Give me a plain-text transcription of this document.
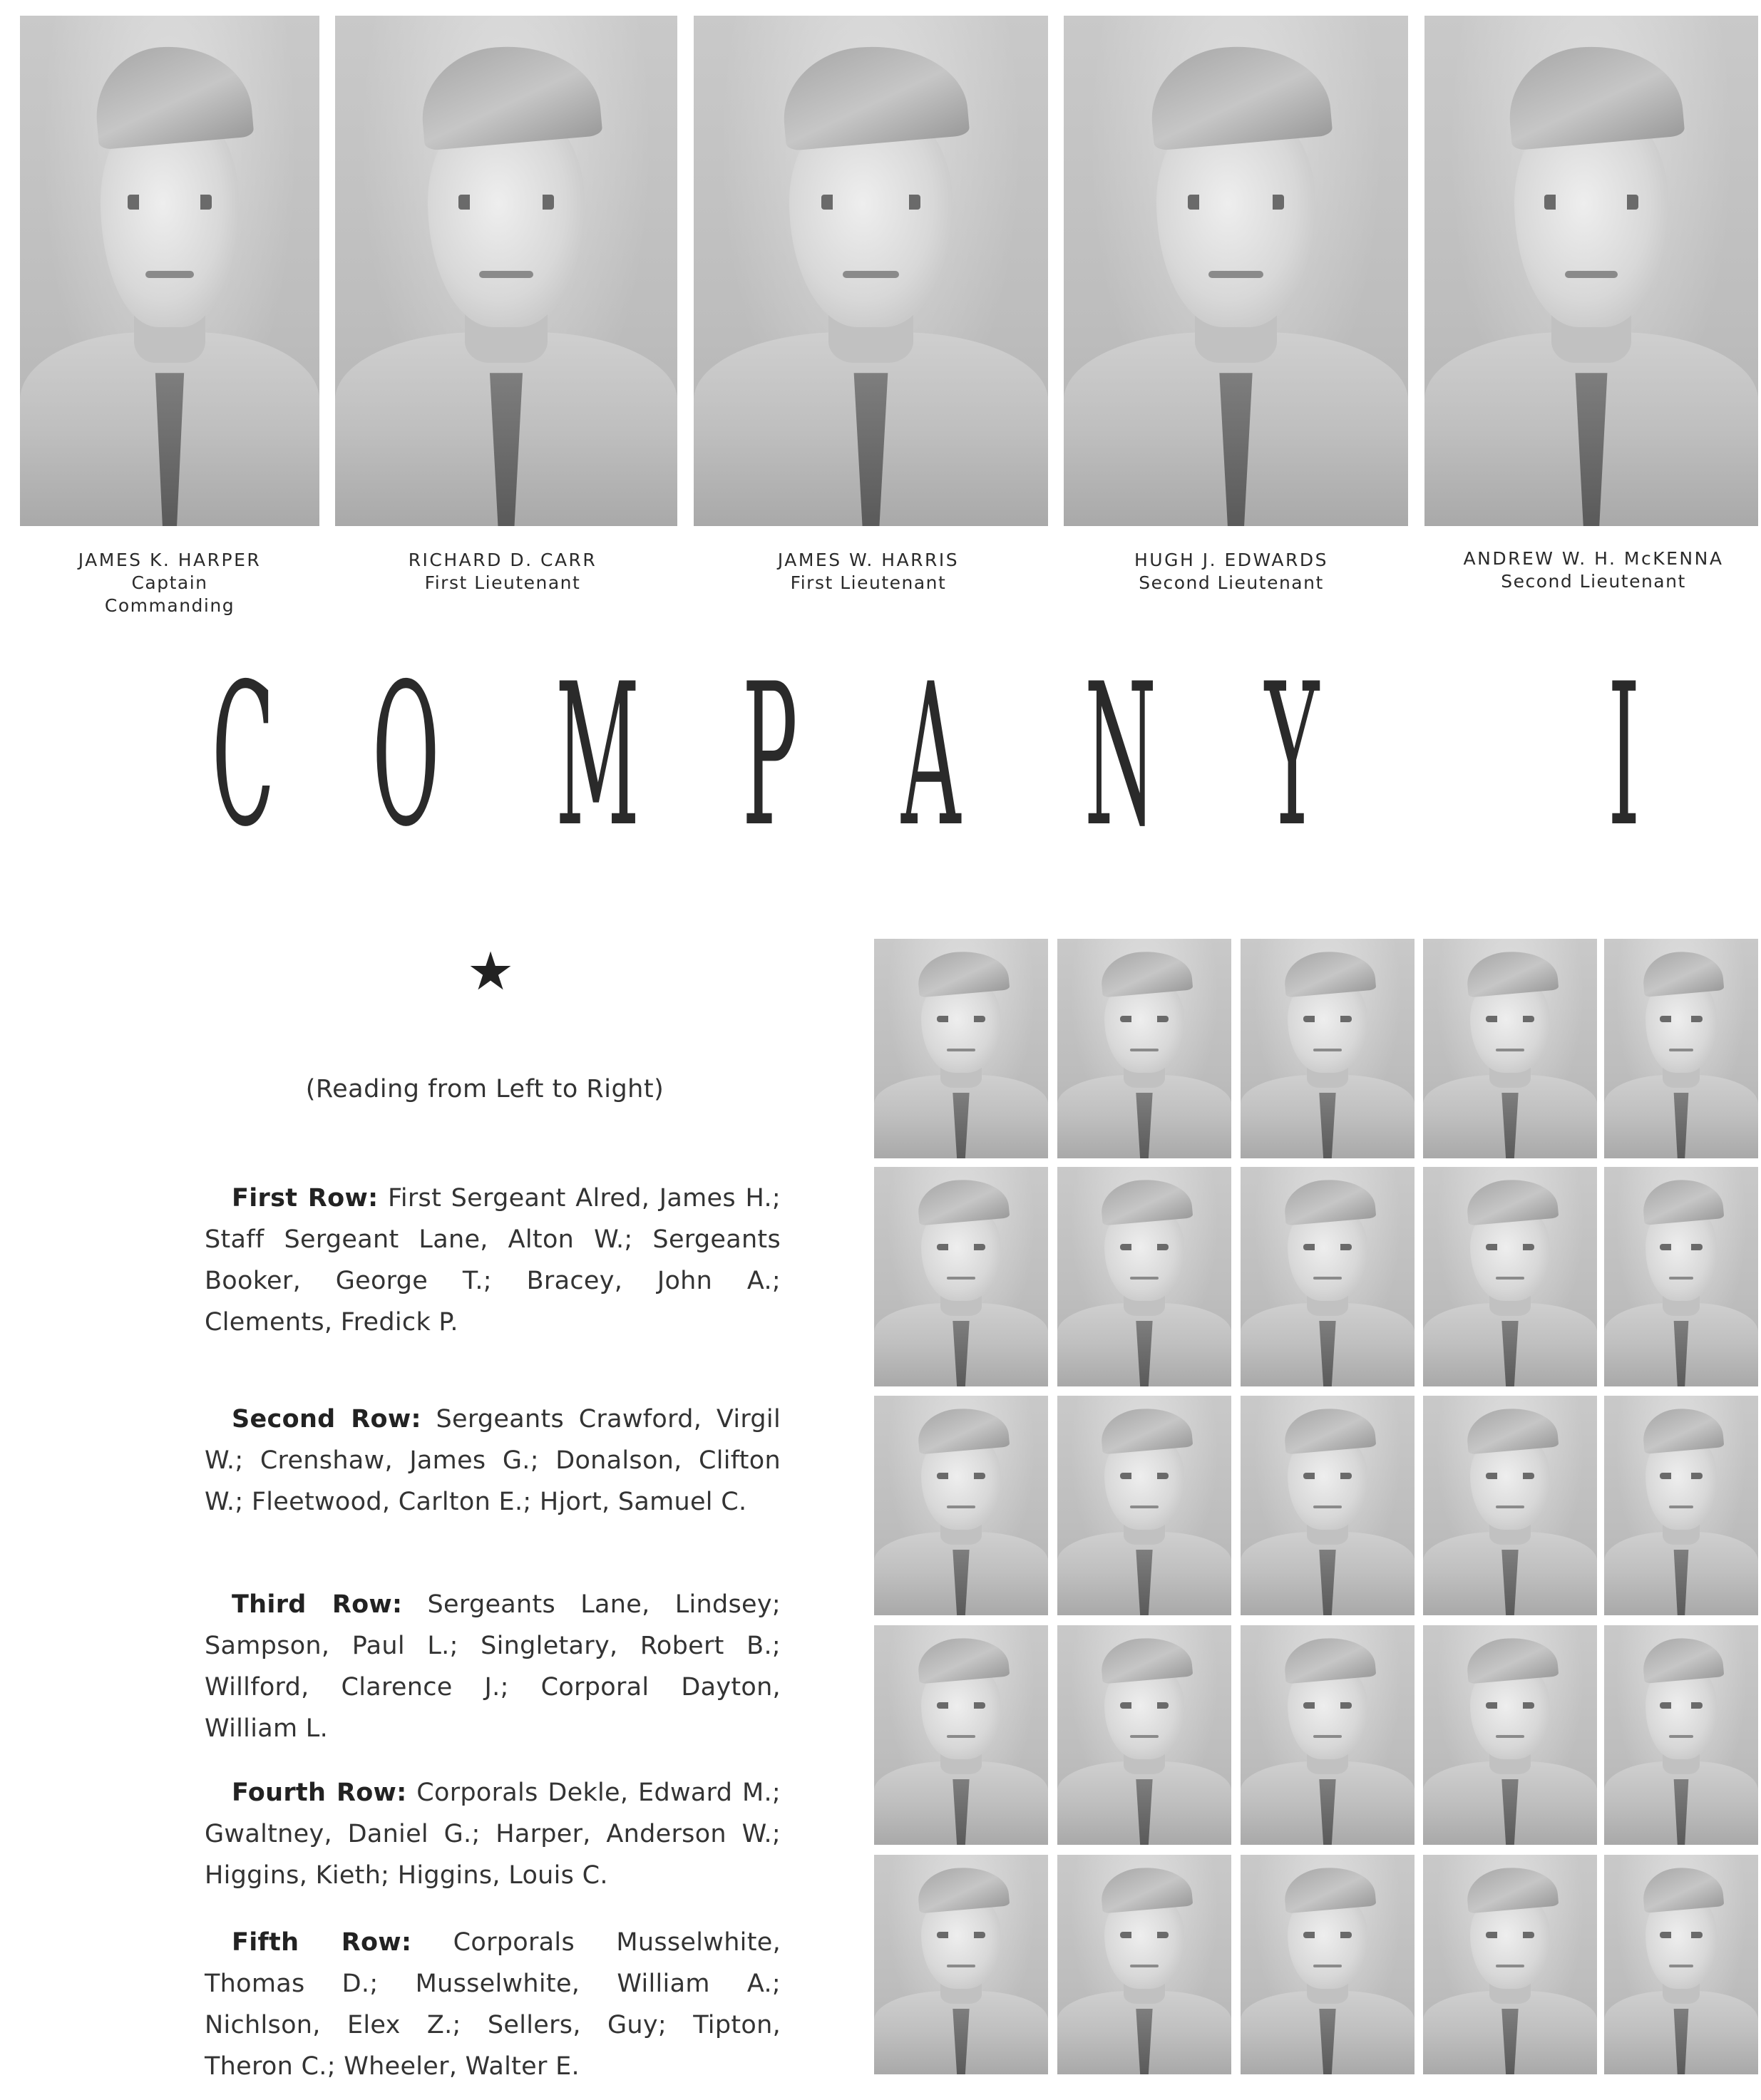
JAMES K. HARPER
Captain
Commanding
RICHARD D. CARR
First Lieutenant
JAMES W. HARRIS
First Lieutenant
HUGH J. EDWARDS
Second Lieutenant
ANDREW W. H. McKENNA
Second Lieutenant
C O M P A N Y I
★
(Reading from Left to Right)
First Row: First Sergeant Alred, James H.; Staff Sergeant Lane, Alton W.; Sergeants Booker, George T.; Bracey, John A.; Clements, Fredick P.
Second Row: Sergeants Crawford, Virgil W.; Crenshaw, James G.; Donalson, Clifton W.; Fleetwood, Carlton E.; Hjort, Samuel C.
Third Row: Sergeants Lane, Lindsey; Sampson, Paul L.; Singletary, Robert B.; Willford, Clarence J.; Corporal Dayton, William L.
Fourth Row: Corporals Dekle, Edward M.; Gwaltney, Daniel G.; Harper, Anderson W.; Higgins, Kieth; Higgins, Louis C.
Fifth Row: Corporals Musselwhite, Thomas D.; Musselwhite, William A.; Nichlson, Elex Z.; Sellers, Guy; Tipton, Theron C.; Wheeler, Walter E.
